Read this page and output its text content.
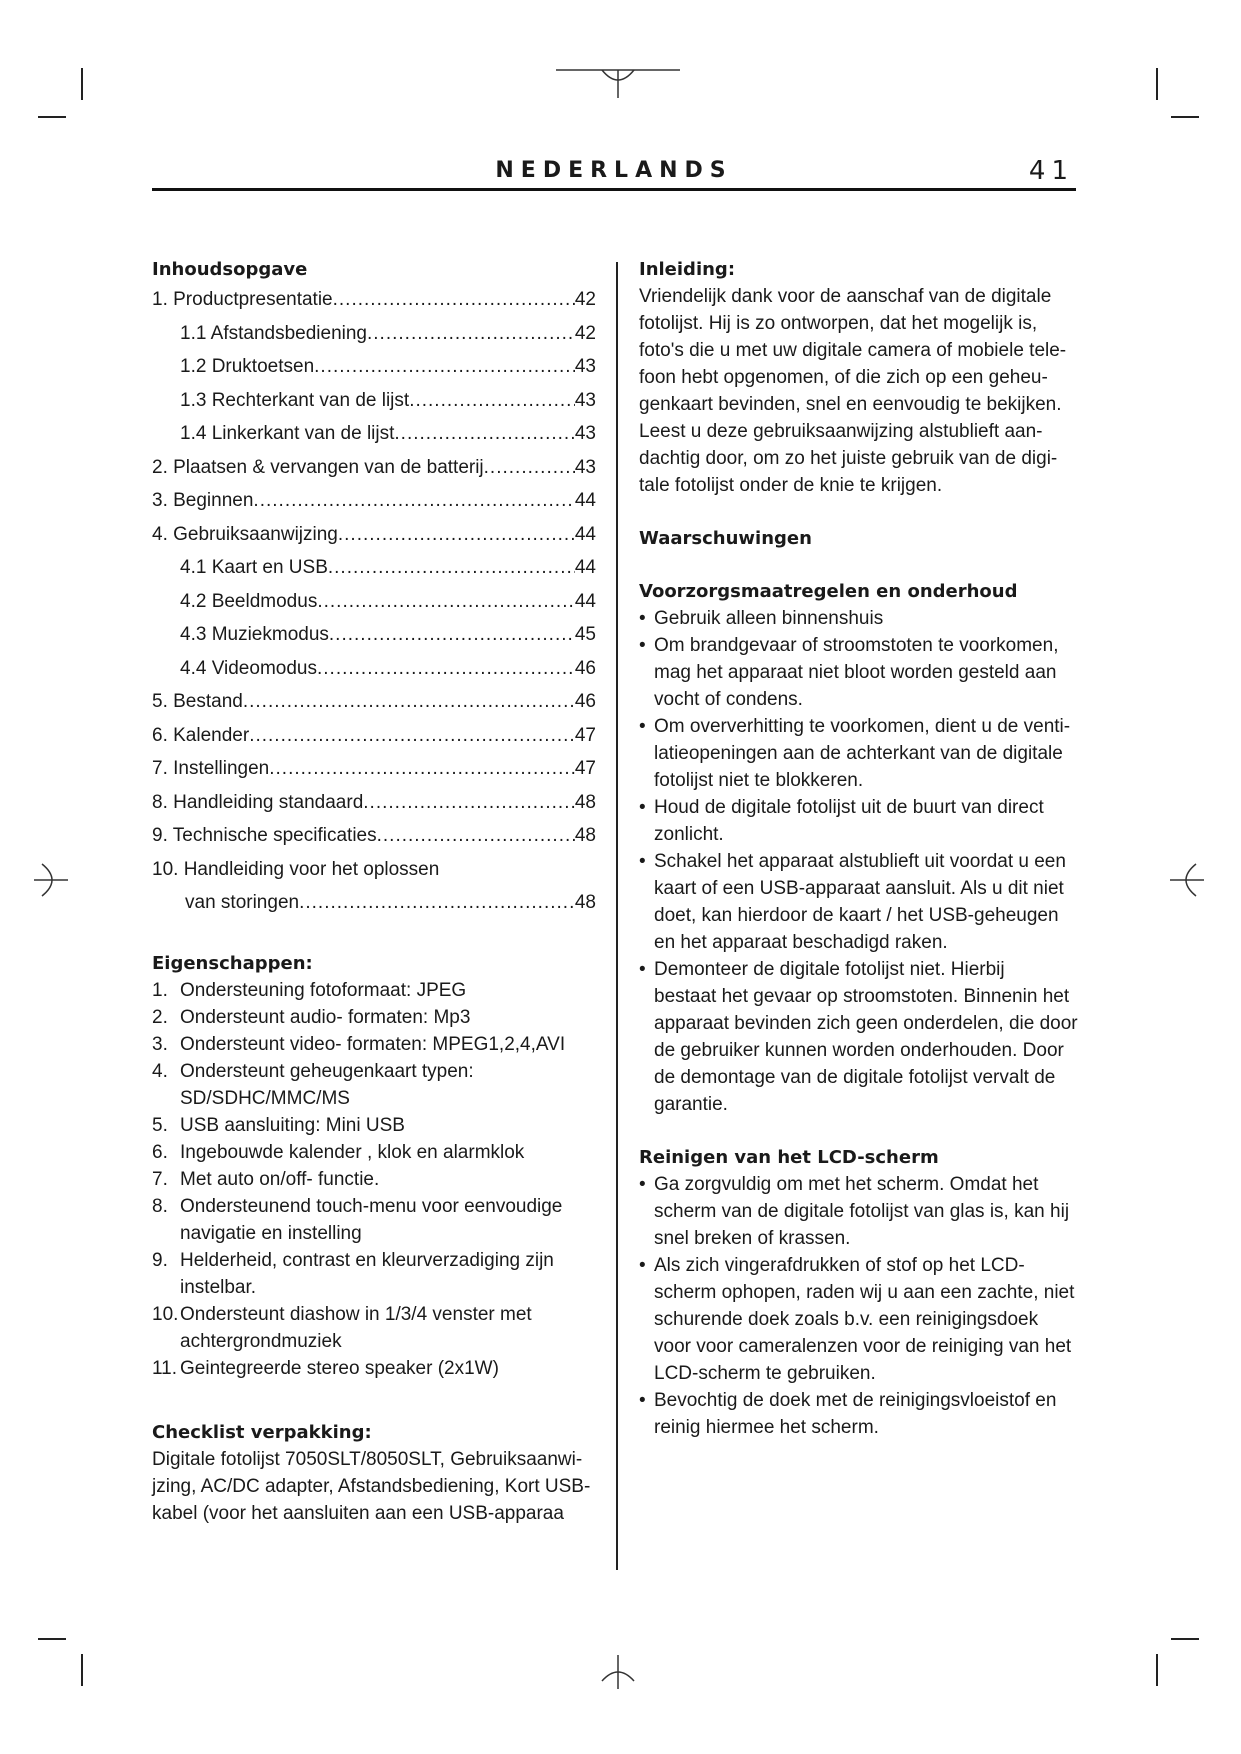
NEDERLANDS	41
Inhoudsopgave
1. Productpresentatie .....	42
1.1 Afstandsbediening .....	42
1.2 Druktoetsen .....	43
1.3 Rechterkant van de lijst .....	43
1.4 Linkerkant van de lijst .....	43
2. Plaatsen & vervangen van de batterij .....	43
3. Beginnen .....	44
4. Gebruiksaanwijzing .....	44
4.1 Kaart en USB .....	44
4.2 Beeldmodus .....	44
4.3 Muziekmodus .....	45
4.4 Videomodus .....	46
5. Bestand .....	46
6. Kalender .....	47
7. Instellingen .....	47
8. Handleiding standaard .....	48
9. Technische specificaties .....	48
10. Handleiding voor het oplossen
van storingen .....	48
Eigenschappen:
1. Ondersteuning fotoformaat: JPEG
2. Ondersteunt audio- formaten: Mp3
3. Ondersteunt video- formaten: MPEG1,2,4,AVI
4. Ondersteunt geheugenkaart typen:
SD/SDHC/MMC/MS
5. USB aansluiting: Mini USB
6. Ingebouwde kalender , klok en alarmklok
7. Met auto on/off- functie.
8. Ondersteunend touch-menu voor eenvoudige
navigatie en instelling
9. Helderheid, contrast en kleurverzadiging zijn
instelbar.
10. Ondersteunt diashow in 1/3/4 venster met
achtergrondmuziek
11. Geintegreerde stereo speaker (2x1W)
Checklist verpakking:

Digitale fotolijst 7050SLT/8050SLT, Gebruiksaanwi-

jzing, AC/DC adapter, Afstandsbediening, Kort USB-

kabel (voor het aansluiten aan een USB-apparaa

Inleiding:

Vriendelijk dank voor de aanschaf van de digitale

fotolijst. Hij is zo ontworpen, dat het mogelijk is,

foto's die u met uw digitale camera of mobiele tele-

foon hebt opgenomen, of die zich op een geheu-

genkaart bevinden, snel en eenvoudig te bekijken.

Leest u deze gebruiksaanwijzing alstublieft aan-

dachtig door, om zo het juiste gebruik van de digi-

tale fotolijst onder de knie te krijgen.

Waarschuwingen
Voorzorgsmaatregelen en onderhoud
• Gebruik alleen binnenshuis
• Om brandgevaar of stroomstoten te voorkomen,
mag het apparaat niet bloot worden gesteld aan
vocht of condens.
• Om oververhitting te voorkomen, dient u de venti-
latieopeningen aan de achterkant van de digitale
fotolijst niet te blokkeren.
• Houd de digitale fotolijst uit de buurt van direct
zonlicht.
• Schakel het apparaat alstublieft uit voordat u een
kaart of een USB-apparaat aansluit. Als u dit niet
doet, kan hierdoor de kaart / het USB-geheugen
en het apparaat beschadigd raken.
• Demonteer de digitale fotolijst niet. Hierbij
bestaat het gevaar op stroomstoten. Binnenin het
apparaat bevinden zich geen onderdelen, die door
de gebruiker kunnen worden onderhouden. Door
de demontage van de digitale fotolijst vervalt de
garantie.
Reinigen van het LCD-scherm
• Ga zorgvuldig om met het scherm. Omdat het
scherm van de digitale fotolijst van glas is, kan hij
snel breken of krassen.
• Als zich vingerafdrukken of stof op het LCD-
scherm ophopen, raden wij u aan een zachte, niet
schurende doek zoals b.v. een reinigingsdoek
voor voor cameralenzen voor de reiniging van het
LCD-scherm te gebruiken.
• Bevochtig de doek met de reinigingsvloeistof en
reinig hiermee het scherm.
